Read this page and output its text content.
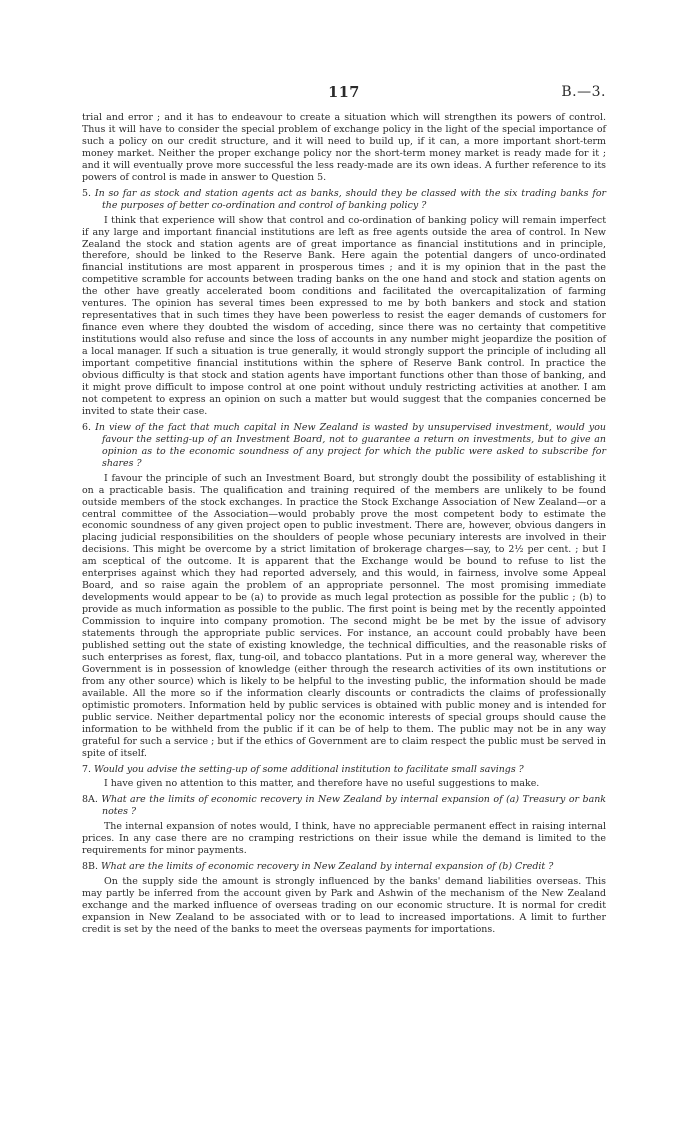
117	B.—3.

trial and error ; and it has to endeavour to create a situation which will strengthen its powers of control. Thus it will have to consider the special problem of exchange policy in the light of the special importance of such a policy on our credit structure, and it will need to build up, if it can, a more important short-term money market. Neither the proper exchange policy nor the short-term money market is ready made for it ; and it will eventually prove more successful the less ready-made are its own ideas. A further reference to its powers of control is made in answer to Question 5.

5. In so far as stock and station agents act as banks, should they be classed with the six trading banks for the purposes of better co-ordination and control of banking policy ?

I think that experience will show that control and co-ordination of banking policy will remain imperfect if any large and important financial institutions are left as free agents outside the area of control. In New Zealand the stock and station agents are of great importance as financial institutions and in principle, therefore, should be linked to the Reserve Bank. Here again the potential dangers of unco-ordinated financial institutions are most apparent in prosperous times ; and it is my opinion that in the past the competitive scramble for accounts between trading banks on the one hand and stock and station agents on the other have greatly accelerated boom conditions and facilitated the overcapitalization of farming ventures. The opinion has several times been expressed to me by both bankers and stock and station representatives that in such times they have been powerless to resist the eager demands of customers for finance even where they doubted the wisdom of acceding, since there was no certainty that competitive institutions would also refuse and since the loss of accounts in any number might jeopardize the position of a local manager. If such a situation is true generally, it would strongly support the principle of including all important competitive financial institutions within the sphere of Reserve Bank control. In practice the obvious difficulty is that stock and station agents have important functions other than those of banking, and it might prove difficult to impose control at one point without unduly restricting activities at another. I am not competent to express an opinion on such a matter but would suggest that the companies concerned be invited to state their case.

6. In view of the fact that much capital in New Zealand is wasted by unsupervised investment, would you favour the setting-up of an Investment Board, not to guarantee a return on investments, but to give an opinion as to the economic soundness of any project for which the public were asked to subscribe for shares ?

I favour the principle of such an Investment Board, but strongly doubt the possibility of establishing it on a practicable basis. The qualification and training required of the members are unlikely to be found outside members of the stock exchanges. In practice the Stock Exchange Association of New Zealand—or a central committee of the Association—would probably prove the most competent body to estimate the economic soundness of any given project open to public investment. There are, however, obvious dangers in placing judicial responsibilities on the shoulders of people whose pecuniary interests are involved in their decisions. This might be overcome by a strict limitation of brokerage charges—say, to 2½ per cent. ; but I am sceptical of the outcome. It is apparent that the Exchange would be bound to refuse to list the enterprises against which they had reported adversely, and this would, in fairness, involve some Appeal Board, and so raise again the problem of an appropriate personnel. The most promising immediate developments would appear to be (a) to provide as much legal protection as possible for the public ; (b) to provide as much information as possible to the public. The first point is being met by the recently appointed Commission to inquire into company promotion. The second might be be met by the issue of advisory statements through the appropriate public services. For instance, an account could probably have been published setting out the state of existing knowledge, the technical difficulties, and the reasonable risks of such enterprises as forest, flax, tung-oil, and tobacco plantations. Put in a more general way, wherever the Government is in possession of knowledge (either through the research activities of its own institutions or from any other source) which is likely to be helpful to the investing public, the information should be made available. All the more so if the information clearly discounts or contradicts the claims of professionally optimistic promoters. Information held by public services is obtained with public money and is intended for public service. Neither departmental policy nor the economic interests of special groups should cause the information to be withheld from the public if it can be of help to them. The public may not be in any way grateful for such a service ; but if the ethics of Government are to claim respect the public must be served in spite of itself.

7. Would you advise the setting-up of some additional institution to facilitate small savings ?

I have given no attention to this matter, and therefore have no useful suggestions to make.

8A. What are the limits of economic recovery in New Zealand by internal expansion of (a) Treasury or bank notes ?

The internal expansion of notes would, I think, have no appreciable permanent effect in raising internal prices. In any case there are no cramping restrictions on their issue while the demand is limited to the requirements for minor payments.

8B. What are the limits of economic recovery in New Zealand by internal expansion of (b) Credit ?

On the supply side the amount is strongly influenced by the banks' demand liabilities overseas. This may partly be inferred from the account given by Park and Ashwin of the mechanism of the New Zealand exchange and the marked influence of overseas trading on our economic structure. It is normal for credit expansion in New Zealand to be associated with or to lead to increased importations. A limit to further credit is set by the need of the banks to meet the overseas payments for importations.
